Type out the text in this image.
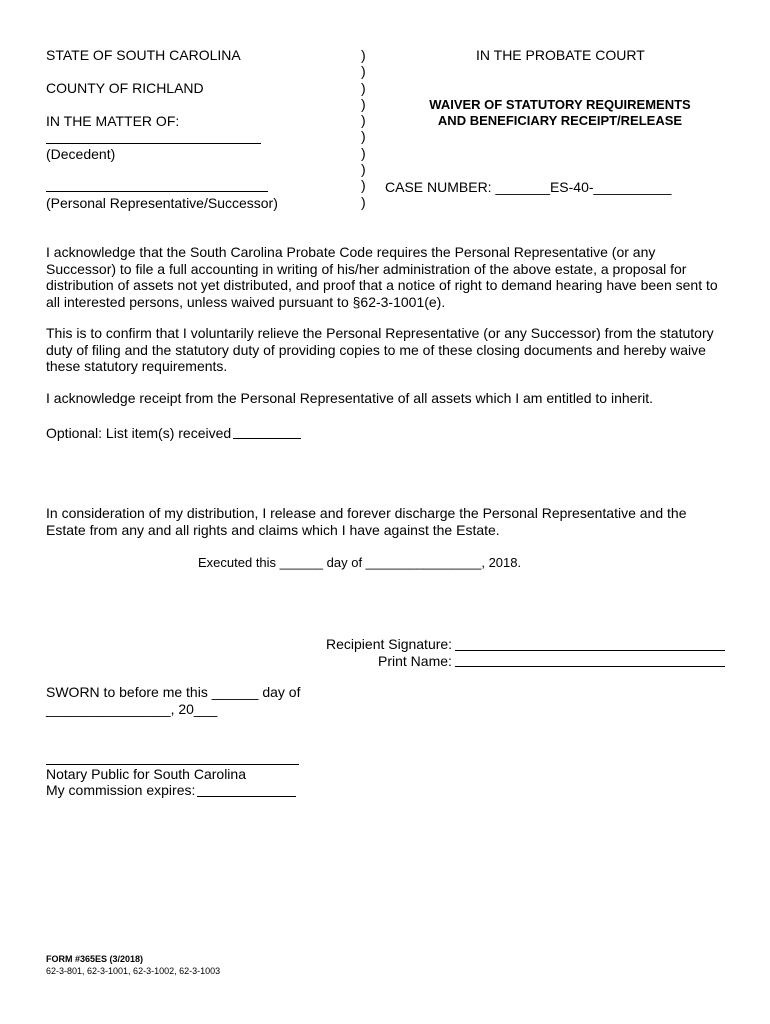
STATE OF SOUTH CAROLINA
COUNTY OF RICHLAND
IN THE MATTER OF:
(Decedent)
(Personal Representative/Successor)
)
)
)
)
)
)
)
)
)
)
IN THE PROBATE COURT
WAIVER OF STATUTORY REQUIREMENTS
AND BENEFICIARY RECEIPT/RELEASE
CASE NUMBER: _______ES-40-__________
I acknowledge that the South Carolina Probate Code requires the Personal Representative (or any Successor) to file a full accounting in writing of his/her administration of the above estate, a proposal for distribution of assets not yet distributed, and proof that a notice of right to demand hearing have been sent to all interested persons, unless waived pursuant to §62-3-1001(e).
This is to confirm that I voluntarily relieve the Personal Representative (or any Successor) from the statutory duty of filing and the statutory duty of providing copies to me of these closing documents and hereby waive these statutory requirements.
I acknowledge receipt from the Personal Representative of all assets which I am entitled to inherit.
Optional: List item(s) received
In consideration of my distribution, I release and forever discharge the Personal Representative and the Estate from any and all rights and claims which I have against the Estate.
Executed this ______ day of ________________, 2018.
Recipient Signature:
Print Name:
SWORN to before me this ______ day of
________________, 20___
Notary Public for South Carolina
My commission expires:
FORM #365ES (3/2018)
62-3-801, 62-3-1001, 62-3-1002, 62-3-1003
